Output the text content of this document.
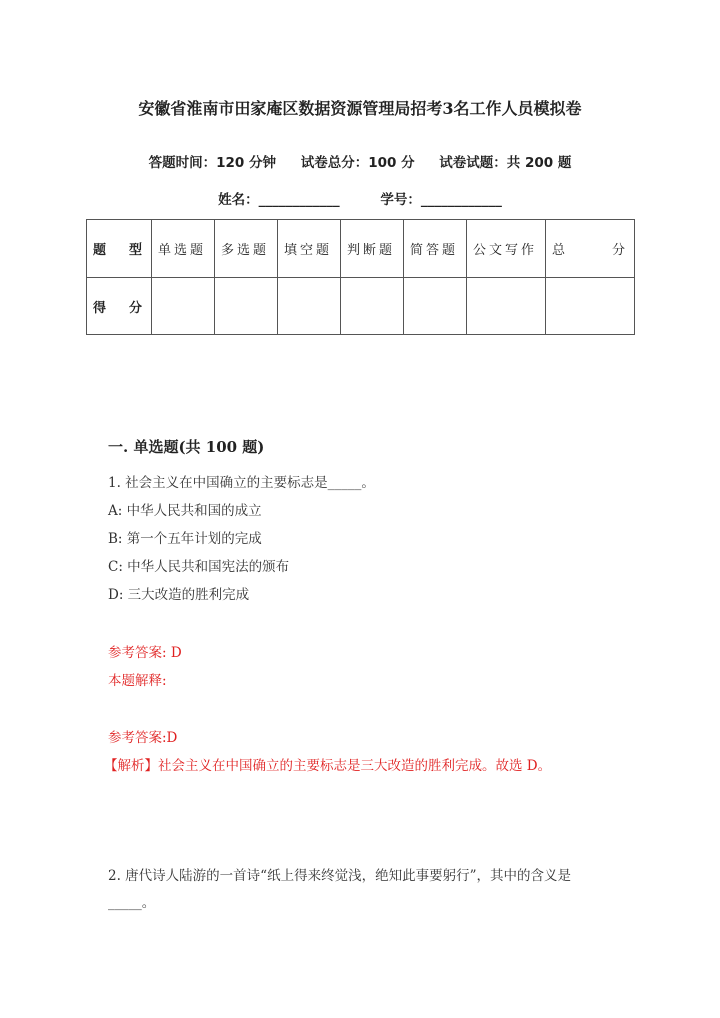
安徽省淮南市田家庵区数据资源管理局招考3名工作人员模拟卷
答题时间：120 分钟 试卷总分：100 分 试卷试题：共 200 题
姓名：____________	学号：____________
题　型	单选题	多选题	填空题	判断题	简答题	公文写作	总　分
得　分							
一. 单选题(共 100 题)
1. 社会主义在中国确立的主要标志是_____。
A: 中华人民共和国的成立
B: 第一个五年计划的完成
C: 中华人民共和国宪法的颁布
D: 三大改造的胜利完成
参考答案: D
本题解释:
参考答案:D
【解析】社会主义在中国确立的主要标志是三大改造的胜利完成。故选 D。
2. 唐代诗人陆游的一首诗“纸上得来终觉浅，绝知此事要躬行”，其中的含义是
_____。
